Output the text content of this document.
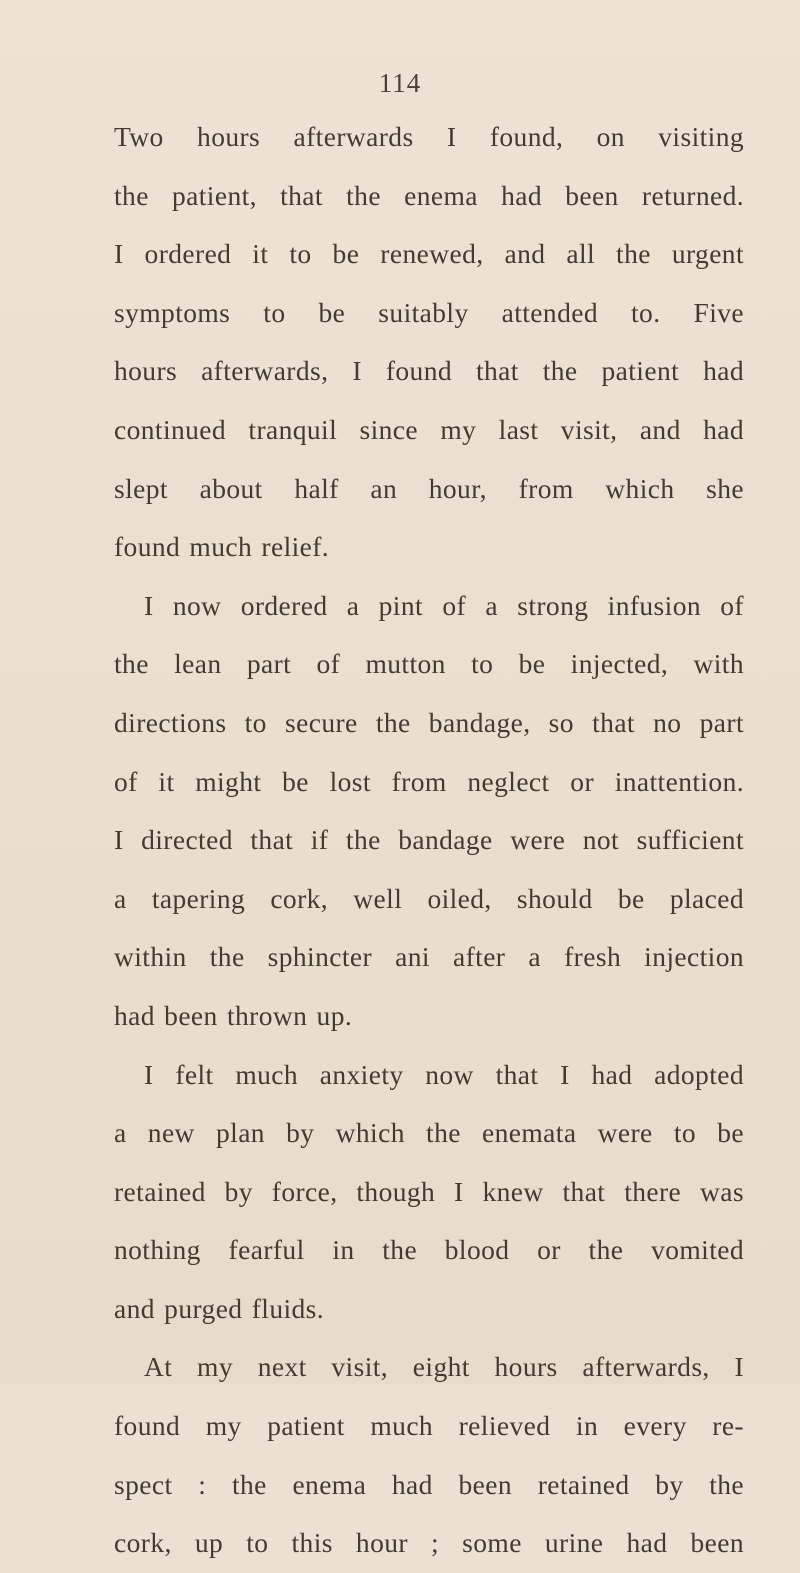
114
Two hours afterwards I found, on visiting
the patient, that the enema had been returned.
I ordered it to be renewed, and all the urgent
symptoms to be suitably attended to. Five
hours afterwards, I found that the patient had
continued tranquil since my last visit, and had
slept about half an hour, from which she
found much relief.
I now ordered a pint of a strong infusion of
the lean part of mutton to be injected, with
directions to secure the bandage, so that no part
of it might be lost from neglect or inattention.
I directed that if the bandage were not sufficient
a tapering cork, well oiled, should be placed
within the sphincter ani after a fresh injection
had been thrown up.
I felt much anxiety now that I had adopted
a new plan by which the enemata were to be
retained by force, though I knew that there was
nothing fearful in the blood or the vomited
and purged fluids.
At my next visit, eight hours afterwards, I
found my patient much relieved in every re-
spect : the enema had been retained by the
cork, up to this hour ; some urine had been
